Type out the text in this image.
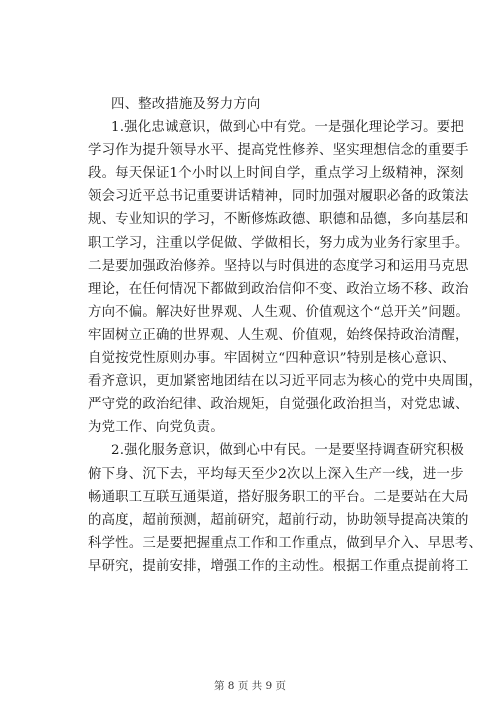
四、整改措施及努力方向
1.强化忠诚意识，做到心中有党。一是强化理论学习。要把
学习作为提升领导水平、提高党性修养、坚实理想信念的重要手
段。每天保证1个小时以上时间自学，重点学习上级精神，深刻
领会习近平总书记重要讲话精神，同时加强对履职必备的政策法
规、专业知识的学习，不断修炼政德、职德和品德，多向基层和
职工学习，注重以学促做、学做相长，努力成为业务行家里手。
二是要加强政治修养。坚持以与时俱进的态度学习和运用马克思
理论，在任何情况下都做到政治信仰不变、政治立场不移、政治
方向不偏。解决好世界观、人生观、价值观这个“总开关”问题。
牢固树立正确的世界观、人生观、价值观，始终保持政治清醒，
自觉按党性原则办事。牢固树立“四种意识”特别是核心意识、
看齐意识，更加紧密地团结在以习近平同志为核心的党中央周围，
严守党的政治纪律、政治规矩，自觉强化政治担当，对党忠诚、
为党工作、向党负责。
2.强化服务意识，做到心中有民。一是要坚持调查研究积极
俯下身、沉下去，平均每天至少2次以上深入生产一线，进一步
畅通职工互联互通渠道，搭好服务职工的平台。二是要站在大局
的高度，超前预测，超前研究，超前行动，协助领导提高决策的
科学性。三是要把握重点工作和工作重点，做到早介入、早思考、
早研究，提前安排，增强工作的主动性。根据工作重点提前将工
第 8 页 共 9 页
